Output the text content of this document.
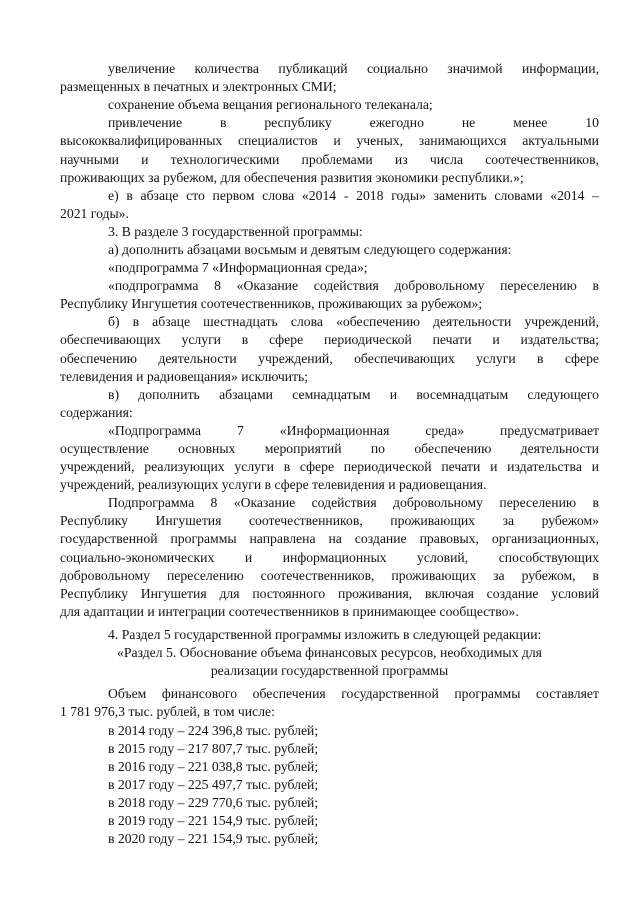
увеличение количества публикаций социально значимой информации,
размещенных в печатных и электронных СМИ;
сохранение объема вещания регионального телеканала;
привлечение в республику ежегодно не менее 10
высококвалифицированных специалистов и ученых, занимающихся актуальными
научными и технологическими проблемами из числа соотечественников,
проживающих за рубежом, для обеспечения развития экономики республики.»;
е) в абзаце сто первом слова «2014 - 2018 годы» заменить словами «2014 –
2021 годы».
3. В разделе 3 государственной программы:
а) дополнить абзацами восьмым и девятым следующего содержания:
«подпрограмма 7 «Информационная среда»;
«подпрограмма 8 «Оказание содействия добровольному переселению в
Республику Ингушетия соотечественников, проживающих за рубежом»;
б) в абзаце шестнадцать слова «обеспечению деятельности учреждений,
обеспечивающих услуги в сфере периодической печати и издательства;
обеспечению деятельности учреждений, обеспечивающих услуги в сфере
телевидения и радиовещания» исключить;
в) дополнить абзацами семнадцатым и восемнадцатым следующего
содержания:
«Подпрограмма 7 «Информационная среда» предусматривает
осуществление основных мероприятий по обеспечению деятельности
учреждений, реализующих услуги в сфере периодической печати и издательства и
учреждений, реализующих услуги в сфере телевидения и радиовещания.
Подпрограмма 8 «Оказание содействия добровольному переселению в
Республику Ингушетия соотечественников, проживающих за рубежом»
государственной программы направлена на создание правовых, организационных,
социально-экономических и информационных условий, способствующих
добровольному переселению соотечественников, проживающих за рубежом, в
Республику Ингушетия для постоянного проживания, включая создание условий
для адаптации и интеграции соотечественников в принимающее сообщество».
4. Раздел 5 государственной программы изложить в следующей редакции:
«Раздел 5. Обоснование объема финансовых ресурсов, необходимых для
реализации государственной программы
Объем финансового обеспечения государственной программы составляет
1 781 976,3 тыс. рублей, в том числе:
в 2014 году – 224 396,8 тыс. рублей;
в 2015 году – 217 807,7 тыс. рублей;
в 2016 году – 221 038,8 тыс. рублей;
в 2017 году – 225 497,7 тыс. рублей;
в 2018 году – 229 770,6 тыс. рублей;
в 2019 году – 221 154,9 тыс. рублей;
в 2020 году – 221 154,9 тыс. рублей;
